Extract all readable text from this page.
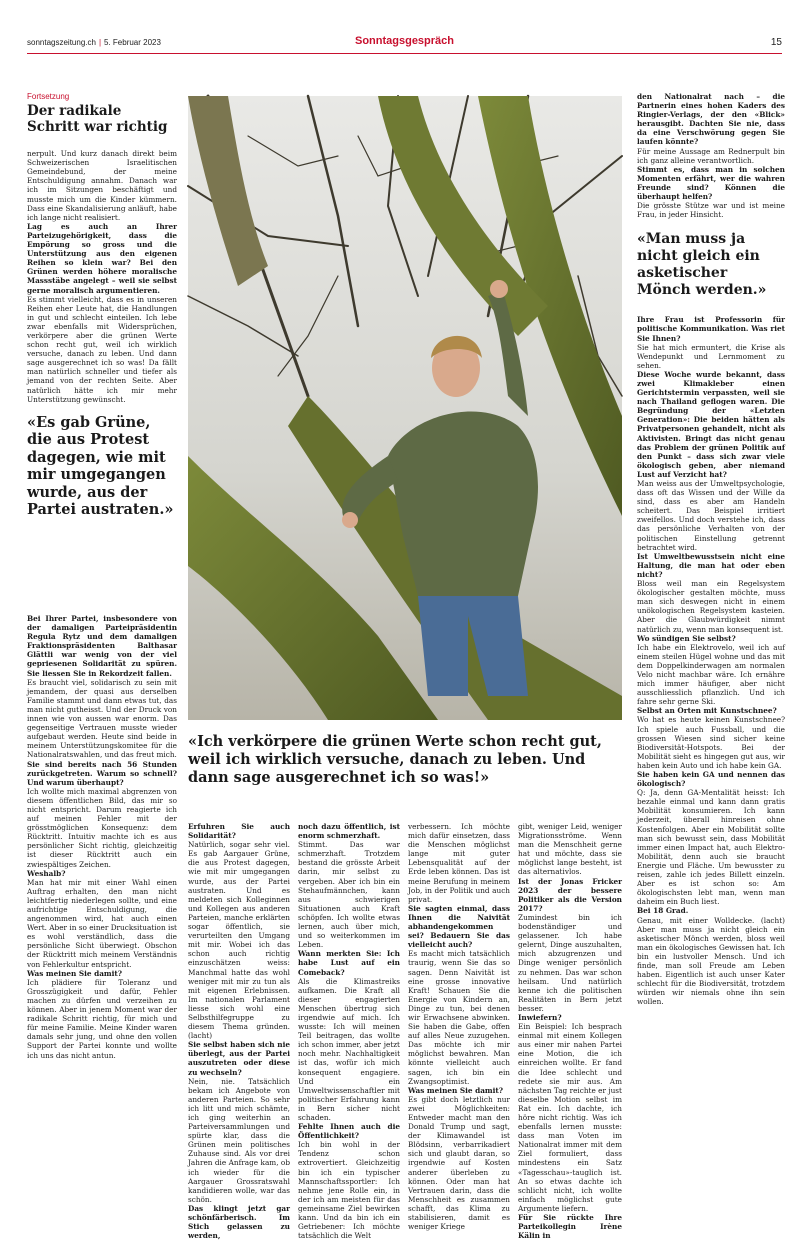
sonntagszeitung.ch | 5. Februar 2023	Sonntagsgespräch	15
Fortsetzung
Der radikale Schritt war richtig

nerpult. Und kurz danach direkt beim Schweizerischen Israelitischen Gemeindebund, der meine Entschuldigung annahm. Danach war ich im Sitzungen beschäftigt und musste mich um die Kinder kümmern. Dass eine Skandalisierung anläuft, habe ich lange nicht realisiert.

Lag es auch an Ihrer Parteizugehörigkeit, dass die Empörung so gross und die Unterstützung aus den eigenen Reihen so klein war? Bei den Grünen werden höhere moralische Massstäbe angelegt – weil sie selbst gerne moralisch argumentieren.

Es stimmt vielleicht, dass es in unseren Reihen eher Leute hat, die Handlungen in gut und schlecht einteilen. Ich lebe zwar ebenfalls mit Widersprüchen, verkörpere aber die grünen Werte schon recht gut, weil ich wirklich versuche, danach zu leben. Und dann sage ausgerechnet ich so was! Da fällt man natürlich schneller und tiefer als jemand von der rechten Seite. Aber natürlich hätte ich mir mehr Unterstützung gewünscht.

«Es gab Grüne, die aus Protest dagegen, wie mit mir umgegangen wurde, aus der Partei austraten.»

Bei Ihrer Partei, insbesondere von der damaligen Parteipräsidentin Regula Rytz und dem damaligen Fraktionspräsidenten Balthasar Glättli war wenig von der viel gepriesenen Solidarität zu spüren. Sie liessen Sie in Rekordzeit fallen.

Es braucht viel, solidarisch zu sein mit jemandem, der quasi aus derselben Familie stammt und dann etwas tut, das man nicht gutheisst. Und der Druck von innen wie von aussen war enorm. Das gegenseitige Vertrauen musste wieder aufgebaut werden. Heute sind beide in meinem Unterstützungskomitee für die Nationalratswahlen, und das freut mich.

Sie sind bereits nach 56 Stunden zurückgetreten. Warum so schnell? Und warum überhaupt?

Ich wollte mich maximal abgrenzen von diesem öffentlichen Bild, das mir so nicht entspricht. Darum reagierte ich auf meinen Fehler mit der grösstmöglichen Konsequenz: dem Rücktritt. Intuitiv machte ich es aus persönlicher Sicht richtig, gleichzeitig ist dieser Rücktritt auch ein zwiespältiges Zeichen.

Weshalb?

Man hat mir mit einer Wahl einen Auftrag erhalten, den man nicht leichtfertig niederlegen sollte, und eine aufrichtige Entschuldigung, die angenommen wird, hat auch einen Wert. Aber in so einer Drucksituation ist es wohl verständlich, dass die persönliche Sicht überwiegt. Obschon der Rücktritt mich meinem Verständnis von Fehlerkultur entspricht.

Was meinen Sie damit?

Ich plädiere für Toleranz und Grosszügigkeit und dafür, Fehler machen zu dürfen und verzeihen zu können. Aber in jenem Moment war der radikale Schritt richtig, für mich und für meine Familie. Meine Kinder waren damals sehr jung, und ohne den vollen Support der Partei konnte und wollte ich uns das nicht antun.

«Ich verkörpere die grünen Werte schon recht gut, weil ich wirklich versuche, danach zu leben. Und dann sage ausgerechnet ich so was!»

Erfuhren Sie auch Solidarität?

Natürlich, sogar sehr viel. Es gab Aargauer Grüne, die aus Protest dagegen, wie mit mir umgegangen wurde, aus der Partei austraten. Und es meldeten sich Kolleginnen und Kollegen aus anderen Parteien, manche erklärten sogar öffentlich, sie verurteilten den Umgang mit mir. Wobei ich das schon auch richtig einzuschätzen weiss: Manchmal hatte das wohl weniger mit mir zu tun als mit eigenen Erlebnissen. Im nationalen Parlament liesse sich wohl eine Selbsthilfegruppe zu diesem Thema gründen. (lacht)

Sie selbst haben sich nie überlegt, aus der Partei auszutreten oder diese zu wechseln?

Nein, nie. Tatsächlich bekam ich Angebote von anderen Parteien. So sehr ich litt und mich schämte, ich ging weiterhin an Parteiversammlungen und spürte klar, dass die Grünen mein politisches Zuhause sind. Als vor drei Jahren die Anfrage kam, ob ich wieder für die Aargauer Grossratswahl kandidieren wolle, war das schön.

Das klingt jetzt gar schönfärberisch. Im Stich gelassen zu werden,

noch dazu öffentlich, ist enorm schmerzhaft.

Stimmt. Das war schmerzhaft. Trotzdem bestand die grösste Arbeit darin, mir selbst zu vergeben. Aber ich bin ein Stehaufmännchen, kann aus schwierigen Situationen auch Kraft schöpfen. Ich wollte etwas lernen, auch über mich, und so weiterkommen im Leben.

Wann merkten Sie: Ich habe Lust auf ein Comeback?

Als die Klimastreiks aufkamen. Die Kraft all dieser engagierten Menschen übertrug sich irgendwie auf mich. Ich wusste: Ich will meinen Teil beitragen, das wollte ich schon immer, aber jetzt noch mehr. Nachhaltigkeit ist das, wofür ich mich konsequent engagiere. Und ein Umweltwissenschaftler mit politischer Erfahrung kann in Bern sicher nicht schaden.

Fehlte Ihnen auch die Öffentlichkeit?

Ich bin wohl in der Tendenz schon extrovertiert. Gleichzeitig bin ich ein typischer Mannschaftssportler: Ich nehme jene Rolle ein, in der ich am meisten für das gemeinsame Ziel bewirken kann. Und da bin ich ein Getriebener: Ich möchte tatsächlich die Welt

verbessern. Ich möchte mich dafür einsetzen, dass die Menschen möglichst lange mit guter Lebensqualität auf der Erde leben können. Das ist meine Berufung in meinem Job, in der Politik und auch privat.

Sie sagten einmal, dass Ihnen die Naivität abhandengekommen sei? Bedauern Sie das vielleicht auch?

Es macht mich tatsächlich traurig, wenn Sie das so sagen. Denn Naivität ist eine grosse innovative Kraft! Schauen Sie die Energie von Kindern an, Dinge zu tun, bei denen wir Erwachsene abwinken. Sie haben die Gabe, offen auf alles Neue zuzugehen. Das möchte ich mir möglichst bewahren. Man könnte vielleicht auch sagen, ich bin ein Zwangsoptimist.

Was meinen Sie damit?

Es gibt doch letztlich nur zwei Möglichkeiten: Entweder macht man den Donald Trump und sagt, der Klimawandel ist Blödsinn, verbarrikadiert sich und glaubt daran, so irgendwie auf Kosten anderer überleben zu können. Oder man hat Vertrauen darin, dass die Menschheit es zusammen schafft, das Klima zu stabilisieren, damit es weniger Kriege

gibt, weniger Leid, weniger Migrationsströme. Wenn man die Menschheit gerne hat und möchte, dass sie möglichst lange besteht, ist das alternativlos.

Ist der Jonas Fricker 2023 der bessere Politiker als die Version 2017?

Zumindest bin ich bodenständiger und gelassener. Ich habe gelernt, Dinge auszuhalten, mich abzugrenzen und Dinge weniger persönlich zu nehmen. Das war schon heilsam. Und natürlich kenne ich die politischen Realitäten in Bern jetzt besser.

Inwiefern?

Ein Beispiel: Ich besprach einmal mit einem Kollegen aus einer mir nahen Partei eine Motion, die ich einreichen wollte. Er fand die Idee schlecht und redete sie mir aus. Am nächsten Tag reichte er just dieselbe Motion selbst im Rat ein. Ich dachte, ich höre nicht richtig. Was ich ebenfalls lernen musste: dass man Voten im Nationalrat immer mit dem Ziel formuliert, dass mindestens ein Satz «Tagesschau»-tauglich ist. An so etwas dachte ich schlicht nicht, ich wollte einfach möglichst gute Argumente liefern.

Für Sie rückte Ihre Parteikollegin Irène Kälin in

den Nationalrat nach – die Partnerin eines hohen Kaders des Ringier-Verlags, der den «Blick» herausgibt. Dachten Sie nie, dass da eine Verschwörung gegen Sie laufen könnte?

Für meine Aussage am Rednerpult bin ich ganz alleine verantwortlich.

Stimmt es, dass man in solchen Momenten erfährt, wer die wahren Freunde sind? Können die überhaupt helfen?

Die grösste Stütze war und ist meine Frau, in jeder Hinsicht.

«Man muss ja nicht gleich ein asketischer Mönch werden.»

Ihre Frau ist Professorin für politische Kommunikation. Was riet Sie Ihnen?

Sie hat mich ermuntert, die Krise als Wendepunkt und Lernmoment zu sehen.

Diese Woche wurde bekannt, dass zwei Klimakleber einen Gerichtstermin verpassten, weil sie nach Thailand geflogen waren. Die Begründung der «Letzten Generation»: Die beiden hätten als Privatpersonen gehandelt, nicht als Aktivisten. Bringt das nicht genau das Problem der grünen Politik auf den Punkt – dass sich zwar viele ökologisch geben, aber niemand Lust auf Verzicht hat?

Man weiss aus der Umweltpsychologie, dass oft das Wissen und der Wille da sind, dass es aber am Handeln scheitert. Das Beispiel irritiert zweifellos. Und doch verstehe ich, dass das persönliche Verhalten von der politischen Einstellung getrennt betrachtet wird.

Ist Umweltbewusstsein nicht eine Haltung, die man hat oder eben nicht?

Bloss weil man ein Regelsystem ökologischer gestalten möchte, muss man sich deswegen nicht in einem unökologischen Regelsystem kasteien. Aber die Glaubwürdigkeit nimmt natürlich zu, wenn man konsequent ist.

Wo sündigen Sie selbst?

Ich habe ein Elektrovelo, weil ich auf einem steilen Hügel wohne und das mit dem Doppelkinderwagen am normalen Velo nicht machbar wäre. Ich ernähre mich immer häufiger, aber nicht ausschliesslich pflanzlich. Und ich fahre sehr gerne Ski.

Selbst an Orten mit Kunstschnee?

Wo hat es heute keinen Kunstschnee? Ich spiele auch Fussball, und die grossen Wiesen sind sicher keine Biodiversität-Hotspots. Bei der Mobilität sieht es hingegen gut aus, wir haben kein Auto und ich habe kein GA.

Sie haben kein GA und nennen das ökologisch?

Q: Ja, denn GA-Mentalität heisst: Ich bezahle einmal und kann dann gratis Mobilität konsumieren. Ich kann jederzeit, überall hinreisen ohne Kostenfolgen. Aber ein Mobilität sollte man sich bewusst sein, dass Mobilität immer einen Impact hat, auch Elektro-Mobilität, denn auch sie braucht Energie und Fläche. Um bewusster zu reisen, zahle ich jedes Billett einzeln. Aber es ist schon so: Am ökologischsten lebt man, wenn man daheim ein Buch liest.

Bei 18 Grad.

Genau, mit einer Wolldecke. (lacht) Aber man muss ja nicht gleich ein asketischer Mönch werden, bloss weil man ein ökologisches Gewissen hat. Ich bin ein lustvoller Mensch. Und ich finde, man soll Freude am Leben haben. Eigentlich ist auch unser Kater schlecht für die Biodiversität, trotzdem würden wir niemals ohne ihn sein wollen.
